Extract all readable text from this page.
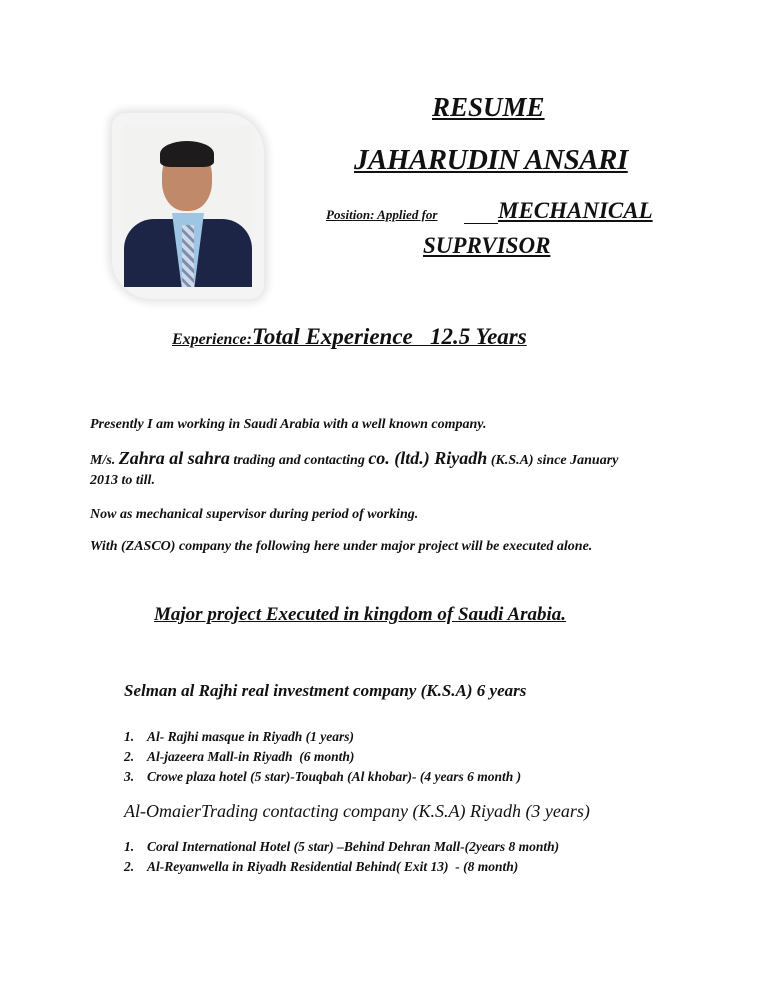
RESUME
JAHARUDIN ANSARI
Position: Applied for	MECHANICAL
SUPRVISOR
Experience:Total Experience   12.5 Years
Presently I am working in Saudi Arabia with a well known company.
M/s. Zahra al sahra trading and contacting co. (ltd.) Riyadh (K.S.A) since January
2013 to till.
Now as mechanical supervisor during period of working.
With (ZASCO) company the following here under major project will be executed alone.
Major project Executed in kingdom of Saudi Arabia.
Selman al Rajhi real investment company (K.S.A) 6 years
1. Al- Rajhi masque in Riyadh (1 years)
2. Al-jazeera Mall-in Riyadh  (6 month)
3. Crowe plaza hotel (5 star)-Touqbah (Al khobar)- (4 years 6 month )
Al-OmaierTrading contacting company (K.S.A) Riyadh (3 years)
1. Coral International Hotel (5 star) –Behind Dehran Mall-(2years 8 month)
2. Al-Reyanwella in Riyadh Residential Behind( Exit 13)  - (8 month)
